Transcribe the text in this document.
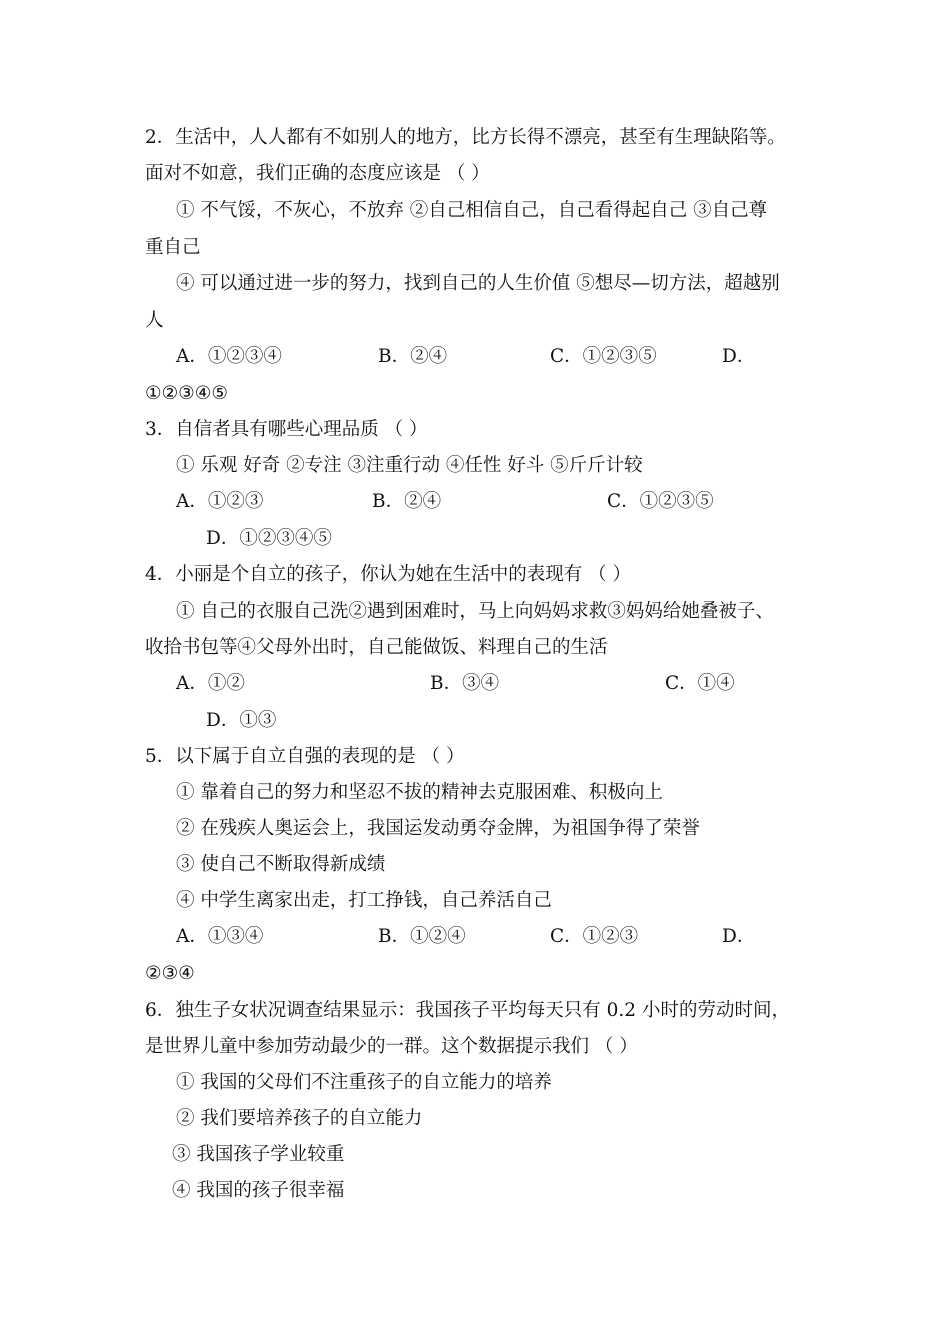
2．生活中，人人都有不如别人的地方，比方长得不漂亮，甚至有生理缺陷等。
面对不如意，我们正确的态度应该是 （ ）
① 不气馁，不灰心，不放弃 ②自己相信自己，自己看得起自己 ③自己尊
重自己
④ 可以通过进一步的努力，找到自己的人生价值 ⑤想尽—切方法，超越别
人
A．①②③④	B．②④	C．①②③⑤	D．
①②③④⑤
3．自信者具有哪些心理品质 （ ）
① 乐观 好奇 ②专注 ③注重行动 ④任性 好斗 ⑤斤斤计较
A．①②③	B．②④	C．①②③⑤
D．①②③④⑤
4．小丽是个自立的孩子，你认为她在生活中的表现有 （ ）
① 自己的衣服自己洗②遇到困难时，马上向妈妈求救③妈妈给她叠被子、
收拾书包等④父母外出时，自己能做饭、料理自己的生活
A．①②	B．③④	C．①④
D．①③
5．以下属于自立自强的表现的是 （ ）
① 靠着自己的努力和坚忍不拔的精神去克服困难、积极向上
② 在残疾人奥运会上，我国运发动勇夺金牌，为祖国争得了荣誉
③ 使自己不断取得新成绩
④ 中学生离家出走，打工挣钱，自己养活自己
A．①③④	B．①②④	C．①②③	D．
②③④
6．独生子女状况调查结果显示：我国孩子平均每天只有 0.2 小时的劳动时间，
是世界儿童中参加劳动最少的一群。这个数据提示我们 （ ）
① 我国的父母们不注重孩子的自立能力的培养
② 我们要培养孩子的自立能力
③ 我国孩子学业较重
④ 我国的孩子很幸福
